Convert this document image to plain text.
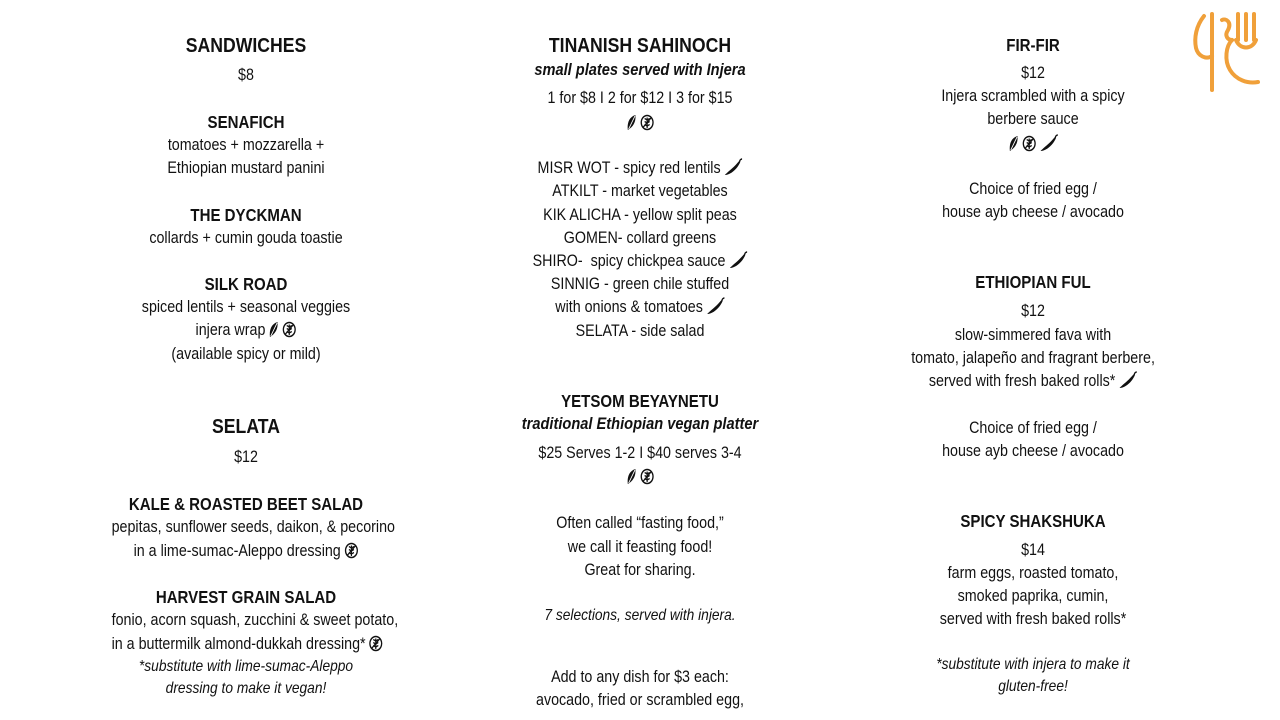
SANDWICHES
$8
SENAFICH
tomatoes + mozzarella +
Ethiopian mustard panini
THE DYCKMAN
collards + cumin gouda toastie
SILK ROAD
spiced lentils + seasonal veggies
injera wrap
(available spicy or mild)
SELATA
$12
KALE & ROASTED BEET SALAD
pepitas, sunflower seeds, daikon, & pecorino
in a lime-sumac-Aleppo dressing
HARVEST GRAIN SALAD
fonio, acorn squash, zucchini & sweet potato,
in a buttermilk almond-dukkah dressing*
*substitute with lime-sumac-Aleppo
dressing to make it vegan!
TINANISH SAHINOCH
small plates served with Injera
1 for $8 I 2 for $12 I 3 for $15
MISR WOT - spicy red lentils
ATKILT - market vegetables
KIK ALICHA - yellow split peas
GOMEN- collard greens
SHIRO-  spicy chickpea sauce
SINNIG - green chile stuffed
with onions & tomatoes
SELATA - side salad
YETSOM BEYAYNETU
traditional Ethiopian vegan platter
$25 Serves 1-2 I $40 serves 3-4
Often called “fasting food,”
we call it feasting food!
Great for sharing.
7 selections, served with injera.
Add to any dish for $3 each:
avocado, fried or scrambled egg,
FIR-FIR
$12
Injera scrambled with a spicy
berbere sauce
Choice of fried egg /
house ayb cheese / avocado
ETHIOPIAN FUL
$12
slow-simmered fava with
tomato, jalapeño and fragrant berbere,
served with fresh baked rolls*
Choice of fried egg /
house ayb cheese / avocado
SPICY SHAKSHUKA
$14
farm eggs, roasted tomato,
smoked paprika, cumin,
served with fresh baked rolls*
*substitute with injera to make it
gluten-free!
